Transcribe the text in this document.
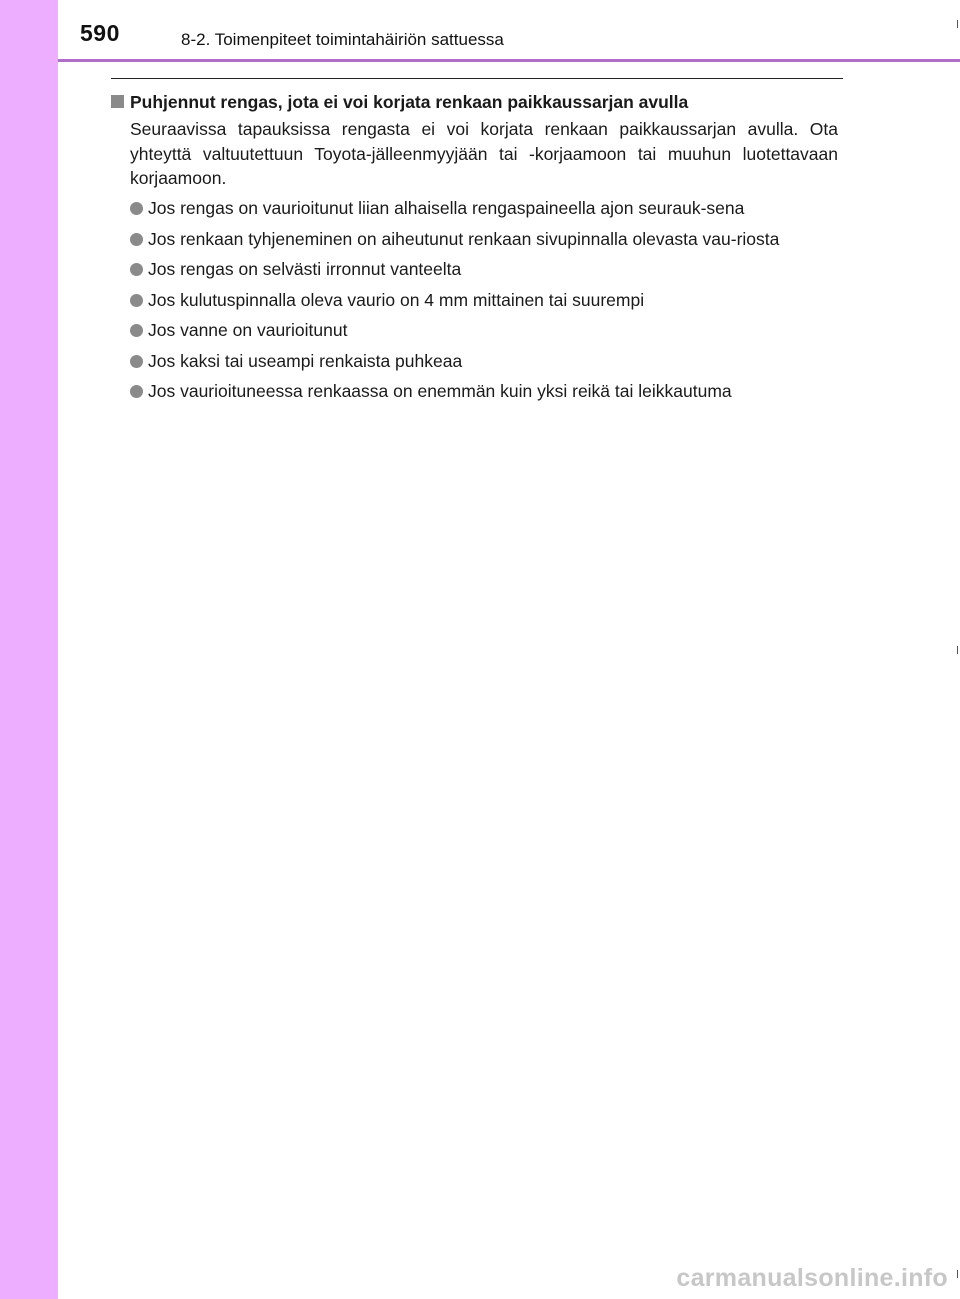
590	8-2. Toimenpiteet toimintahäiriön sattuessa
Puhjennut rengas, jota ei voi korjata renkaan paikkaussarjan avulla
Seuraavissa tapauksissa rengasta ei voi korjata renkaan paikkaussarjan avulla. Ota yhteyttä valtuutettuun Toyota-jälleenmyyjään tai -korjaamoon tai muuhun luotettavaan korjaamoon.
Jos rengas on vaurioitunut liian alhaisella rengaspaineella ajon seurauk-sena
Jos renkaan tyhjeneminen on aiheutunut renkaan sivupinnalla olevasta vau-riosta
Jos rengas on selvästi irronnut vanteelta
Jos kulutuspinnalla oleva vaurio on 4 mm mittainen tai suurempi
Jos vanne on vaurioitunut
Jos kaksi tai useampi renkaista puhkeaa
Jos vaurioituneessa renkaassa on enemmän kuin yksi reikä tai leikkautuma
carmanualsonline.info
